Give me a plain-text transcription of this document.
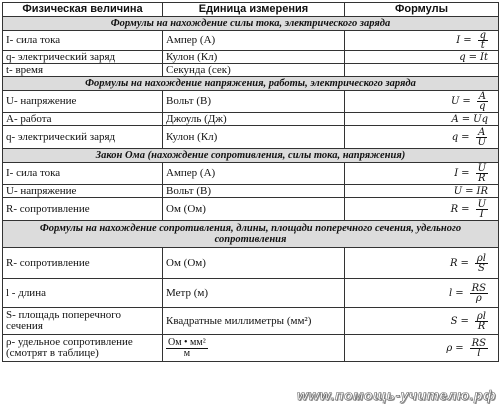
Физическая величина	Единица измерения	Формулы
Формулы на нахождение силы тока, электрического заряда		
I- сила тока	Ампер (А)	$I = \frac{q}{t}$

q- электрический заряд	Кулон (Кл)	q = It

t- время	Секунда (сек)	
Формулы на нахождение напряжения, работы, электрического заряда		
U- напряжение	Вольт (В)	$U = \frac{A}{q}$

A- работа	Джоуль (Дж)	A = Uq

q- электрический заряд	Кулон (Кл)	$q = \frac{A}{U}$

Закон Ома (нахождение сопротивления, силы тока, напряжения)		
I- сила тока	Ампер (А)	$I = \frac{U}{R}$

U- напряжение	Вольт (В)	U = IR

R- сопротивление	Ом (Ом)	$R = \frac{U}{I}$

Формулы на нахождение сопротивления, длины, площади поперечного сечения, удельного сопротивления		
R- сопротивление	Ом (Ом)	$R = \frac{\rho l}{S}$

l - длина	Метр (м)	$l = \frac{RS}{\rho}$

S- площадь поперечного сечения	Квадратные миллиметры (мм²)	$S = \frac{\rho l}{R}$

ρ- удельное сопротивление (смотрят в таблице)	$\frac{\text{Ом • мм²}}{м}$	$\rho = \frac{RS}{l}$
www.помощь-учителю.рф
